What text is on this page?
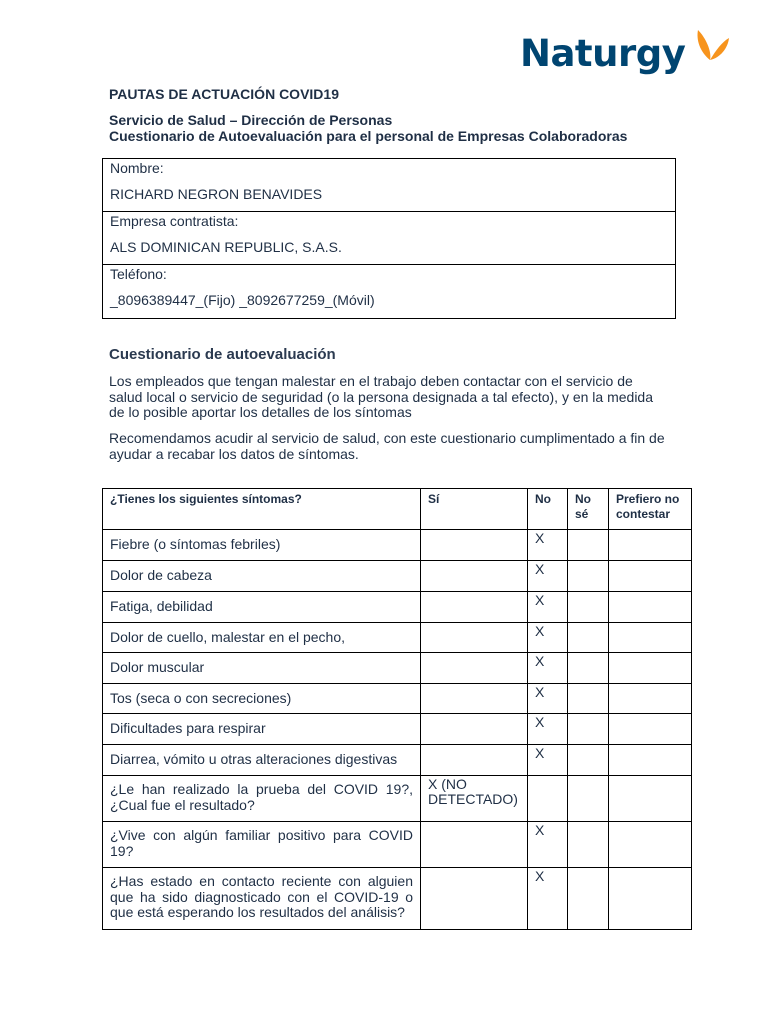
Naturgy
PAUTAS DE ACTUACIÓN COVID19
Servicio de Salud – Dirección de Personas
Cuestionario de Autoevaluación para el personal de Empresas Colaboradoras
Nombre:
RICHARD NEGRON BENAVIDES
Empresa contratista:
ALS DOMINICAN REPUBLIC, S.A.S.
Teléfono:
_8096389447_(Fijo) _8092677259_(Móvil)
Cuestionario de autoevaluación
Los empleados que tengan malestar en el trabajo deben contactar con el servicio de salud local o servicio de seguridad (o la persona designada a tal efecto), y en la medida de lo posible aportar los detalles de los síntomas
Recomendamos acudir al servicio de salud, con este cuestionario cumplimentado a fin de ayudar a recabar los datos de síntomas.
¿Tienes los siguientes síntomas?	Sí	No	No sé	Prefiero no contestar
Fiebre (o síntomas febriles)		X		
Dolor de cabeza		X		
Fatiga, debilidad		X		
Dolor de cuello, malestar en el pecho,		X		
Dolor muscular		X		
Tos (seca o con secreciones)		X		
Dificultades para respirar		X		
Diarrea, vómito u otras alteraciones digestivas		X		
¿Le han realizado la prueba del COVID 19?, ¿Cual fue el resultado?	X (NO DETECTADO)			
¿Vive con algún familiar positivo para COVID 19?		X		
¿Has estado en contacto reciente con alguien que ha sido diagnosticado con el COVID-19 o que está esperando los resultados del análisis?		X		
